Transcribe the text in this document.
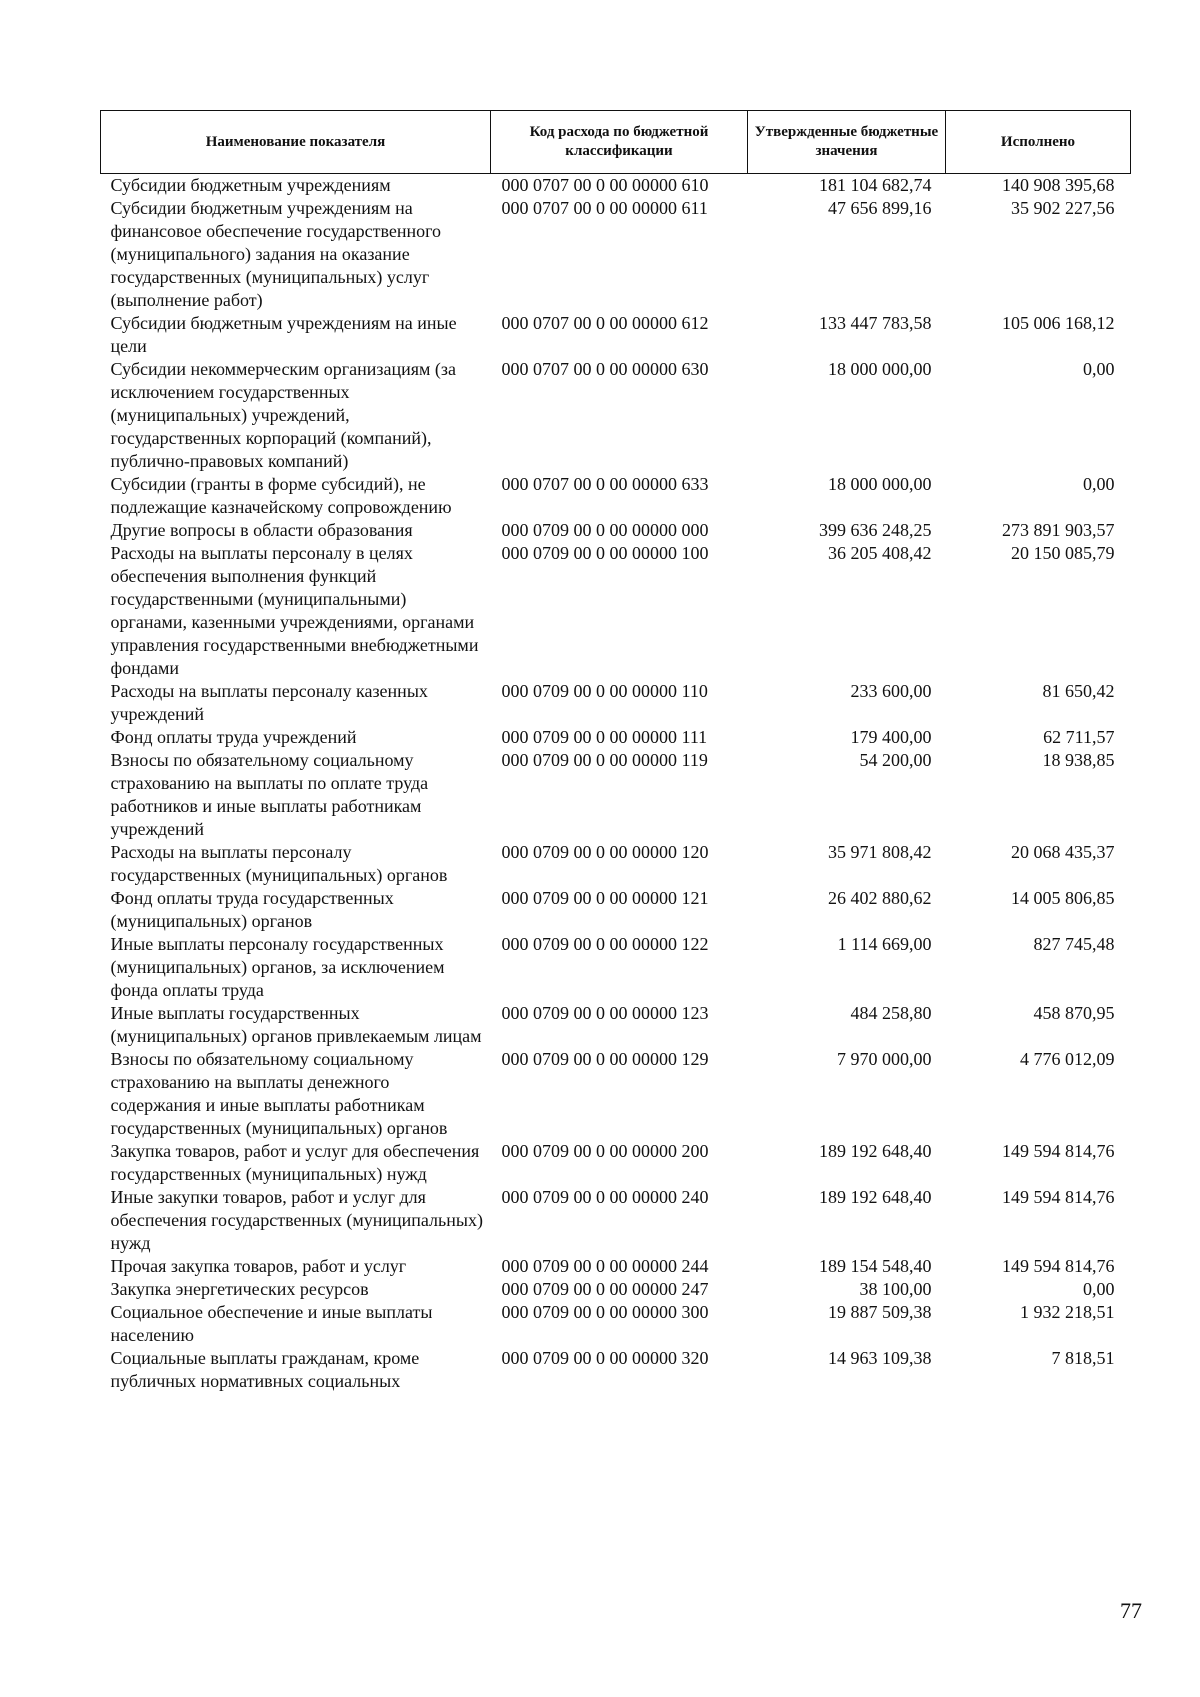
Наименование показателя	Код расхода по бюджетной классификации	Утвержденные бюджетные значения	Исполнено
Субсидии бюджетным учреждениям	000 0707 00 0 00 00000 610	181 104 682,74	140 908 395,68
Субсидии бюджетным учреждениям на финансовое обеспечение государственного (муниципального) задания на оказание государственных (муниципальных) услуг (выполнение работ)	000 0707 00 0 00 00000 611	47 656 899,16	35 902 227,56
Субсидии бюджетным учреждениям на иные цели	000 0707 00 0 00 00000 612	133 447 783,58	105 006 168,12
Субсидии некоммерческим организациям (за исключением государственных (муниципальных) учреждений, государственных корпораций (компаний), публично-правовых компаний)	000 0707 00 0 00 00000 630	18 000 000,00	0,00
Субсидии (гранты в форме субсидий), не подлежащие казначейскому сопровождению	000 0707 00 0 00 00000 633	18 000 000,00	0,00
Другие вопросы в области образования	000 0709 00 0 00 00000 000	399 636 248,25	273 891 903,57
Расходы на выплаты персоналу в целях обеспечения выполнения функций государственными (муниципальными) органами, казенными учреждениями, органами управления государственными внебюджетными фондами	000 0709 00 0 00 00000 100	36 205 408,42	20 150 085,79
Расходы на выплаты персоналу казенных учреждений	000 0709 00 0 00 00000 110	233 600,00	81 650,42
Фонд оплаты труда учреждений	000 0709 00 0 00 00000 111	179 400,00	62 711,57
Взносы по обязательному социальному страхованию на выплаты по оплате труда работников и иные выплаты работникам учреждений	000 0709 00 0 00 00000 119	54 200,00	18 938,85
Расходы на выплаты персоналу государственных (муниципальных) органов	000 0709 00 0 00 00000 120	35 971 808,42	20 068 435,37
Фонд оплаты труда государственных (муниципальных) органов	000 0709 00 0 00 00000 121	26 402 880,62	14 005 806,85
Иные выплаты персоналу государственных (муниципальных) органов, за исключением фонда оплаты труда	000 0709 00 0 00 00000 122	1 114 669,00	827 745,48
Иные выплаты государственных (муниципальных) органов привлекаемым лицам	000 0709 00 0 00 00000 123	484 258,80	458 870,95
Взносы по обязательному социальному страхованию на выплаты денежного содержания и иные выплаты работникам государственных (муниципальных) органов	000 0709 00 0 00 00000 129	7 970 000,00	4 776 012,09
Закупка товаров, работ и услуг для обеспечения государственных (муниципальных) нужд	000 0709 00 0 00 00000 200	189 192 648,40	149 594 814,76
Иные закупки товаров, работ и услуг для обеспечения государственных (муниципальных) нужд	000 0709 00 0 00 00000 240	189 192 648,40	149 594 814,76
Прочая закупка товаров, работ и услуг	000 0709 00 0 00 00000 244	189 154 548,40	149 594 814,76
Закупка энергетических ресурсов	000 0709 00 0 00 00000 247	38 100,00	0,00
Социальное обеспечение и иные выплаты населению	000 0709 00 0 00 00000 300	19 887 509,38	1 932 218,51
Социальные выплаты гражданам, кроме публичных нормативных социальных	000 0709 00 0 00 00000 320	14 963 109,38	7 818,51
77
